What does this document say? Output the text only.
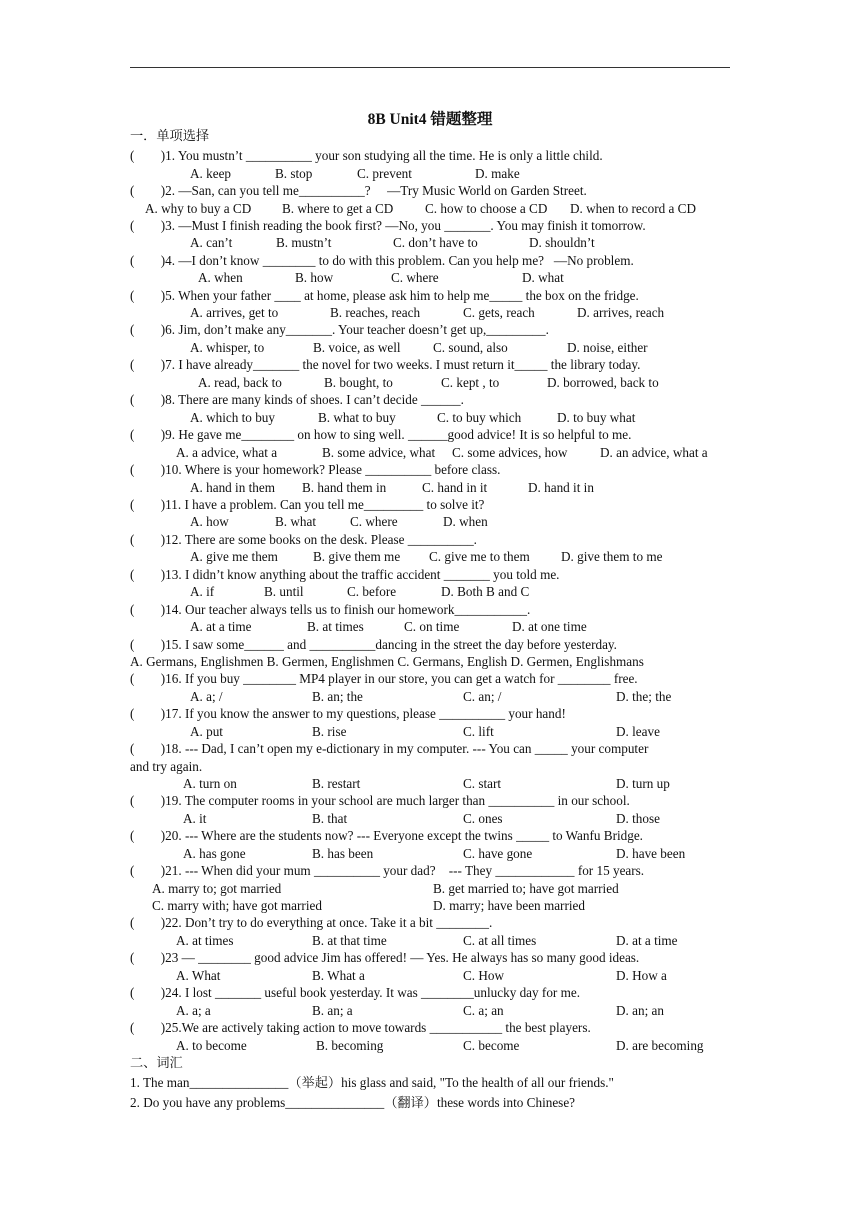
8B Unit4 错题整理
一．单项选择
(        )1. You mustn’t __________ your son studying all the time. He is only a little child.
A. keep	B. stop	C. prevent	D. make
(        )2. —San, can you tell me__________?     —Try Music World on Garden Street.
A. why to buy a CD B. where to get a CD C. how to choose a CD D. when to record a CD
(        )3. —Must I finish reading the book first? —No, you _______. You may finish it tomorrow.
A. can’t	B. mustn’t	C. don’t have to	D. shouldn’t
(        )4. —I don’t know ________ to do with this problem. Can you help me?   —No problem.
A. when	B. how	C. where	D. what
(        )5. When your father ____ at home, please ask him to help me_____ the box on the fridge.
A. arrives, get to	B. reaches, reach	C. gets, reach	D. arrives, reach
(        )6. Jim, don’t make any_______. Your teacher doesn’t get up,_________.
A. whisper, to	B. voice, as well C. sound, also	D. noise, either
(        )7. I have already_______ the novel for two weeks. I must return it_____ the library today.
A. read, back to	B. bought, to	C. kept , to	D. borrowed, back to
(        )8. There are many kinds of shoes. I can’t decide ______.
A. which to buy	B. what to buy	C. to buy which	D. to buy what
(        )9. He gave me________ on how to sing well. ______good advice! It is so helpful to me.
A. a advice, what a	B. some advice, what C. some advices, how D. an advice, what a
(        )10. Where is your homework? Please __________ before class.
A. hand in them B. hand them in	C. hand in it	D. hand it in
(        )11. I have a problem. Can you tell me_________ to solve it?
A. how	B. what	C. where	D. when
(        )12. There are some books on the desk. Please __________.
A. give me them	B. give them me C. give me to them D. give them to me
(        )13. I didn’t know anything about the traffic accident _______ you told me.
A. if	B. until	C. before	D. Both B and C
(        )14. Our teacher always tells us to finish our homework___________.
A. at a time	B. at times	C. on time	D. at one time
(        )15. I saw some______ and __________dancing in the street the day before yesterday.
A. Germans, Englishmen B. Germen, Englishmen C. Germans, English D. Germen, Englishmans
(        )16. If you buy ________ MP4 player in our store, you can get a watch for ________ free.
A. a; /	B. an; the	C. an; /	D. the; the
(        )17. If you know the answer to my questions, please __________ your hand!
A. put	B. rise	C. lift	D. leave
(        )18. --- Dad, I can’t open my e-dictionary in my computer. --- You can _____ your computer
and try again.
A. turn on	B. restart	C. start	D. turn up
(        )19. The computer rooms in your school are much larger than __________ in our school.
A. it	B. that	C. ones	D. those
(        )20. --- Where are the students now? --- Everyone except the twins _____ to Wanfu Bridge.
A. has gone	B. has been	C. have gone	D. have been
(        )21. --- When did your mum __________ your dad?    --- They ____________ for 15 years.
A. marry to; got married	B. get married to; have got married
C. marry with; have got married	D. marry; have been married
(        )22. Don’t try to do everything at once. Take it a bit ________.
A. at times	B. at that time	C. at all times	D. at a time
(        )23 — ________ good advice Jim has offered! — Yes. He always has so many good ideas.
A. What	B. What a	C. How	D. How a
(        )24. I lost _______ useful book yesterday. It was ________unlucky day for me.
A. a; a	B. an; a	C. a; an	D. an; an
(        )25.We are actively taking action to move towards ___________ the best players.
A. to become	B. becoming	C. become	D. are becoming
二、词汇
1. The man_______________（举起）his glass and said, "To the health of all our friends."
2. Do you have any problems_______________（翻译）these words into Chinese?
